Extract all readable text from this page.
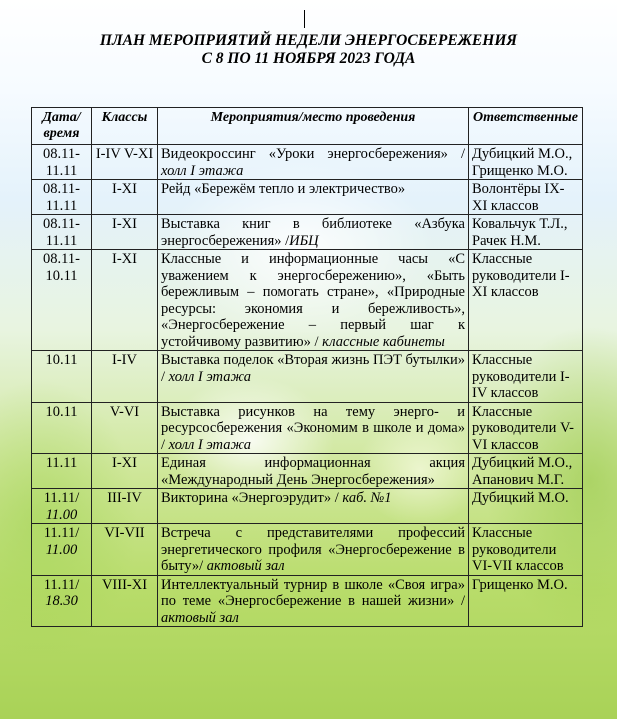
ПЛАН МЕРОПРИЯТИЙ НЕДЕЛИ ЭНЕРГОСБЕРЕЖЕНИЯ
С 8 ПО 11 НОЯБРЯ 2023 ГОДА
Дата/
время	Классы	Мероприятия/место проведения	Ответственные

08.11-11.11	I-IV V-XI	Видеокроссинг «Уроки энергосбережения» / холл I этажа	Дубицкий М.О., Грищенко М.О.

08.11-11.11	I-XI	Рейд «Бережём тепло и электричество»	Волонтёры IX-XI классов

08.11-11.11	I-XI	Выставка книг в библиотеке «Азбука энергосбережения» /ИБЦ	Ковальчук Т.Л., Рачек Н.М.

08.11-10.11	I-XI	Классные и информационные часы «С уважением к энергосбережению», «Быть бережливым – помогать стране», «Природные ресурсы: экономия и бережливость», «Энергосбережение – первый шаг к устойчивому развитию» / классные кабинеты	Классные руководители I-XI классов

10.11	I-IV	Выставка поделок «Вторая жизнь ПЭТ бутылки» / холл I этажа	Классные руководители I-IV классов

10.11	V-VI	Выставка рисунков на тему энерго- и ресурсосбережения «Экономим в школе и дома» / холл I этажа	Классные руководители V-VI классов

11.11	I-XI	Единая информационная акция «Международный День Энергосбережения»	Дубицкий М.О., Апанович М.Г.

11.11/
11.00	III-IV	Викторина «Энергоэрудит» / каб. №1	Дубицкий М.О.

11.11/
11.00	VI-VII	Встреча с представителями профессий энергетического профиля «Энергосбережение в быту»/ актовый зал	Классные руководители VI-VII классов

11.11/
18.30	VIII-XI	Интеллектуальный турнир в школе «Своя игра» по теме «Энергосбережение в нашей жизни» / актовый зал	Грищенко М.О.
